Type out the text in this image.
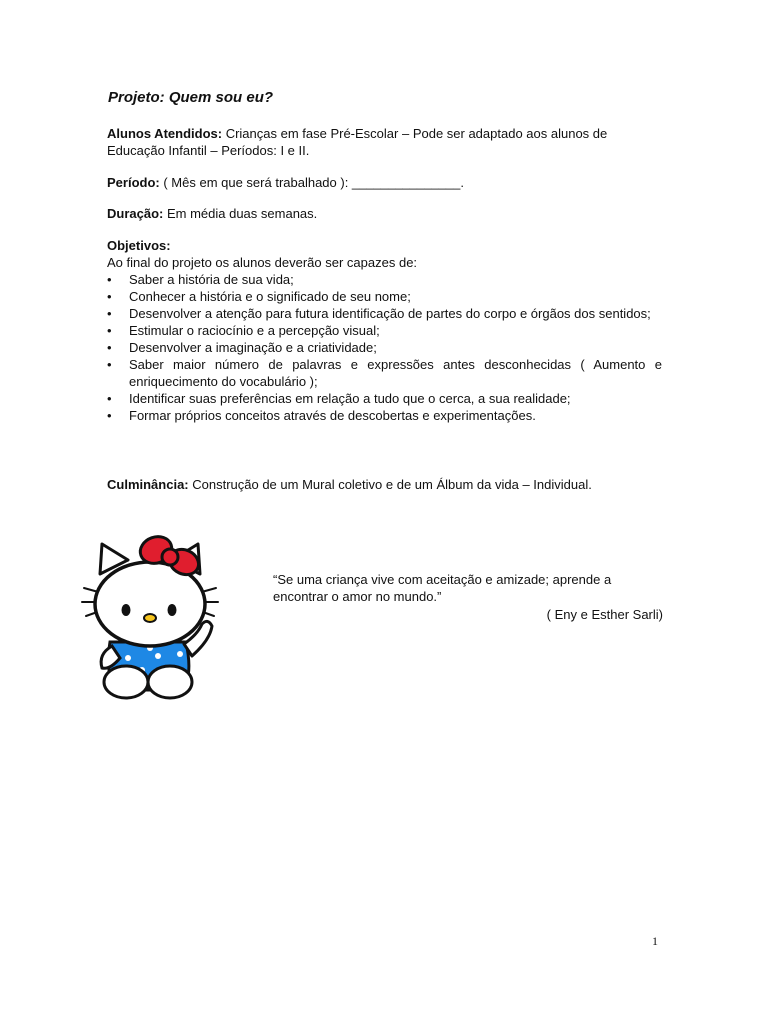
Projeto: Quem sou eu?
Alunos Atendidos: Crianças em fase Pré-Escolar – Pode ser adaptado aos alunos de Educação Infantil – Períodos: I e II.
Período: ( Mês em que será trabalhado ): _______________.
Duração: Em média duas semanas.
Objetivos:
Ao final do projeto os alunos deverão ser capazes de:
• Saber a história de sua vida;
• Conhecer a história e o significado de seu nome;
• Desenvolver a atenção para futura identificação de partes do corpo e órgãos dos sentidos;
• Estimular o raciocínio e a percepção visual;
• Desenvolver a imaginação e a criatividade;
• Saber maior número de palavras e expressões antes desconhecidas ( Aumento e enriquecimento do vocabulário );
• Identificar suas preferências em relação a tudo que o cerca, a sua realidade;
• Formar próprios conceitos através de descobertas e experimentações.
Culminância: Construção de um Mural coletivo e de um Álbum da vida – Individual.
“Se uma criança vive com aceitação e amizade; aprende a encontrar o amor no mundo.”
( Eny e Esther Sarli)
1
